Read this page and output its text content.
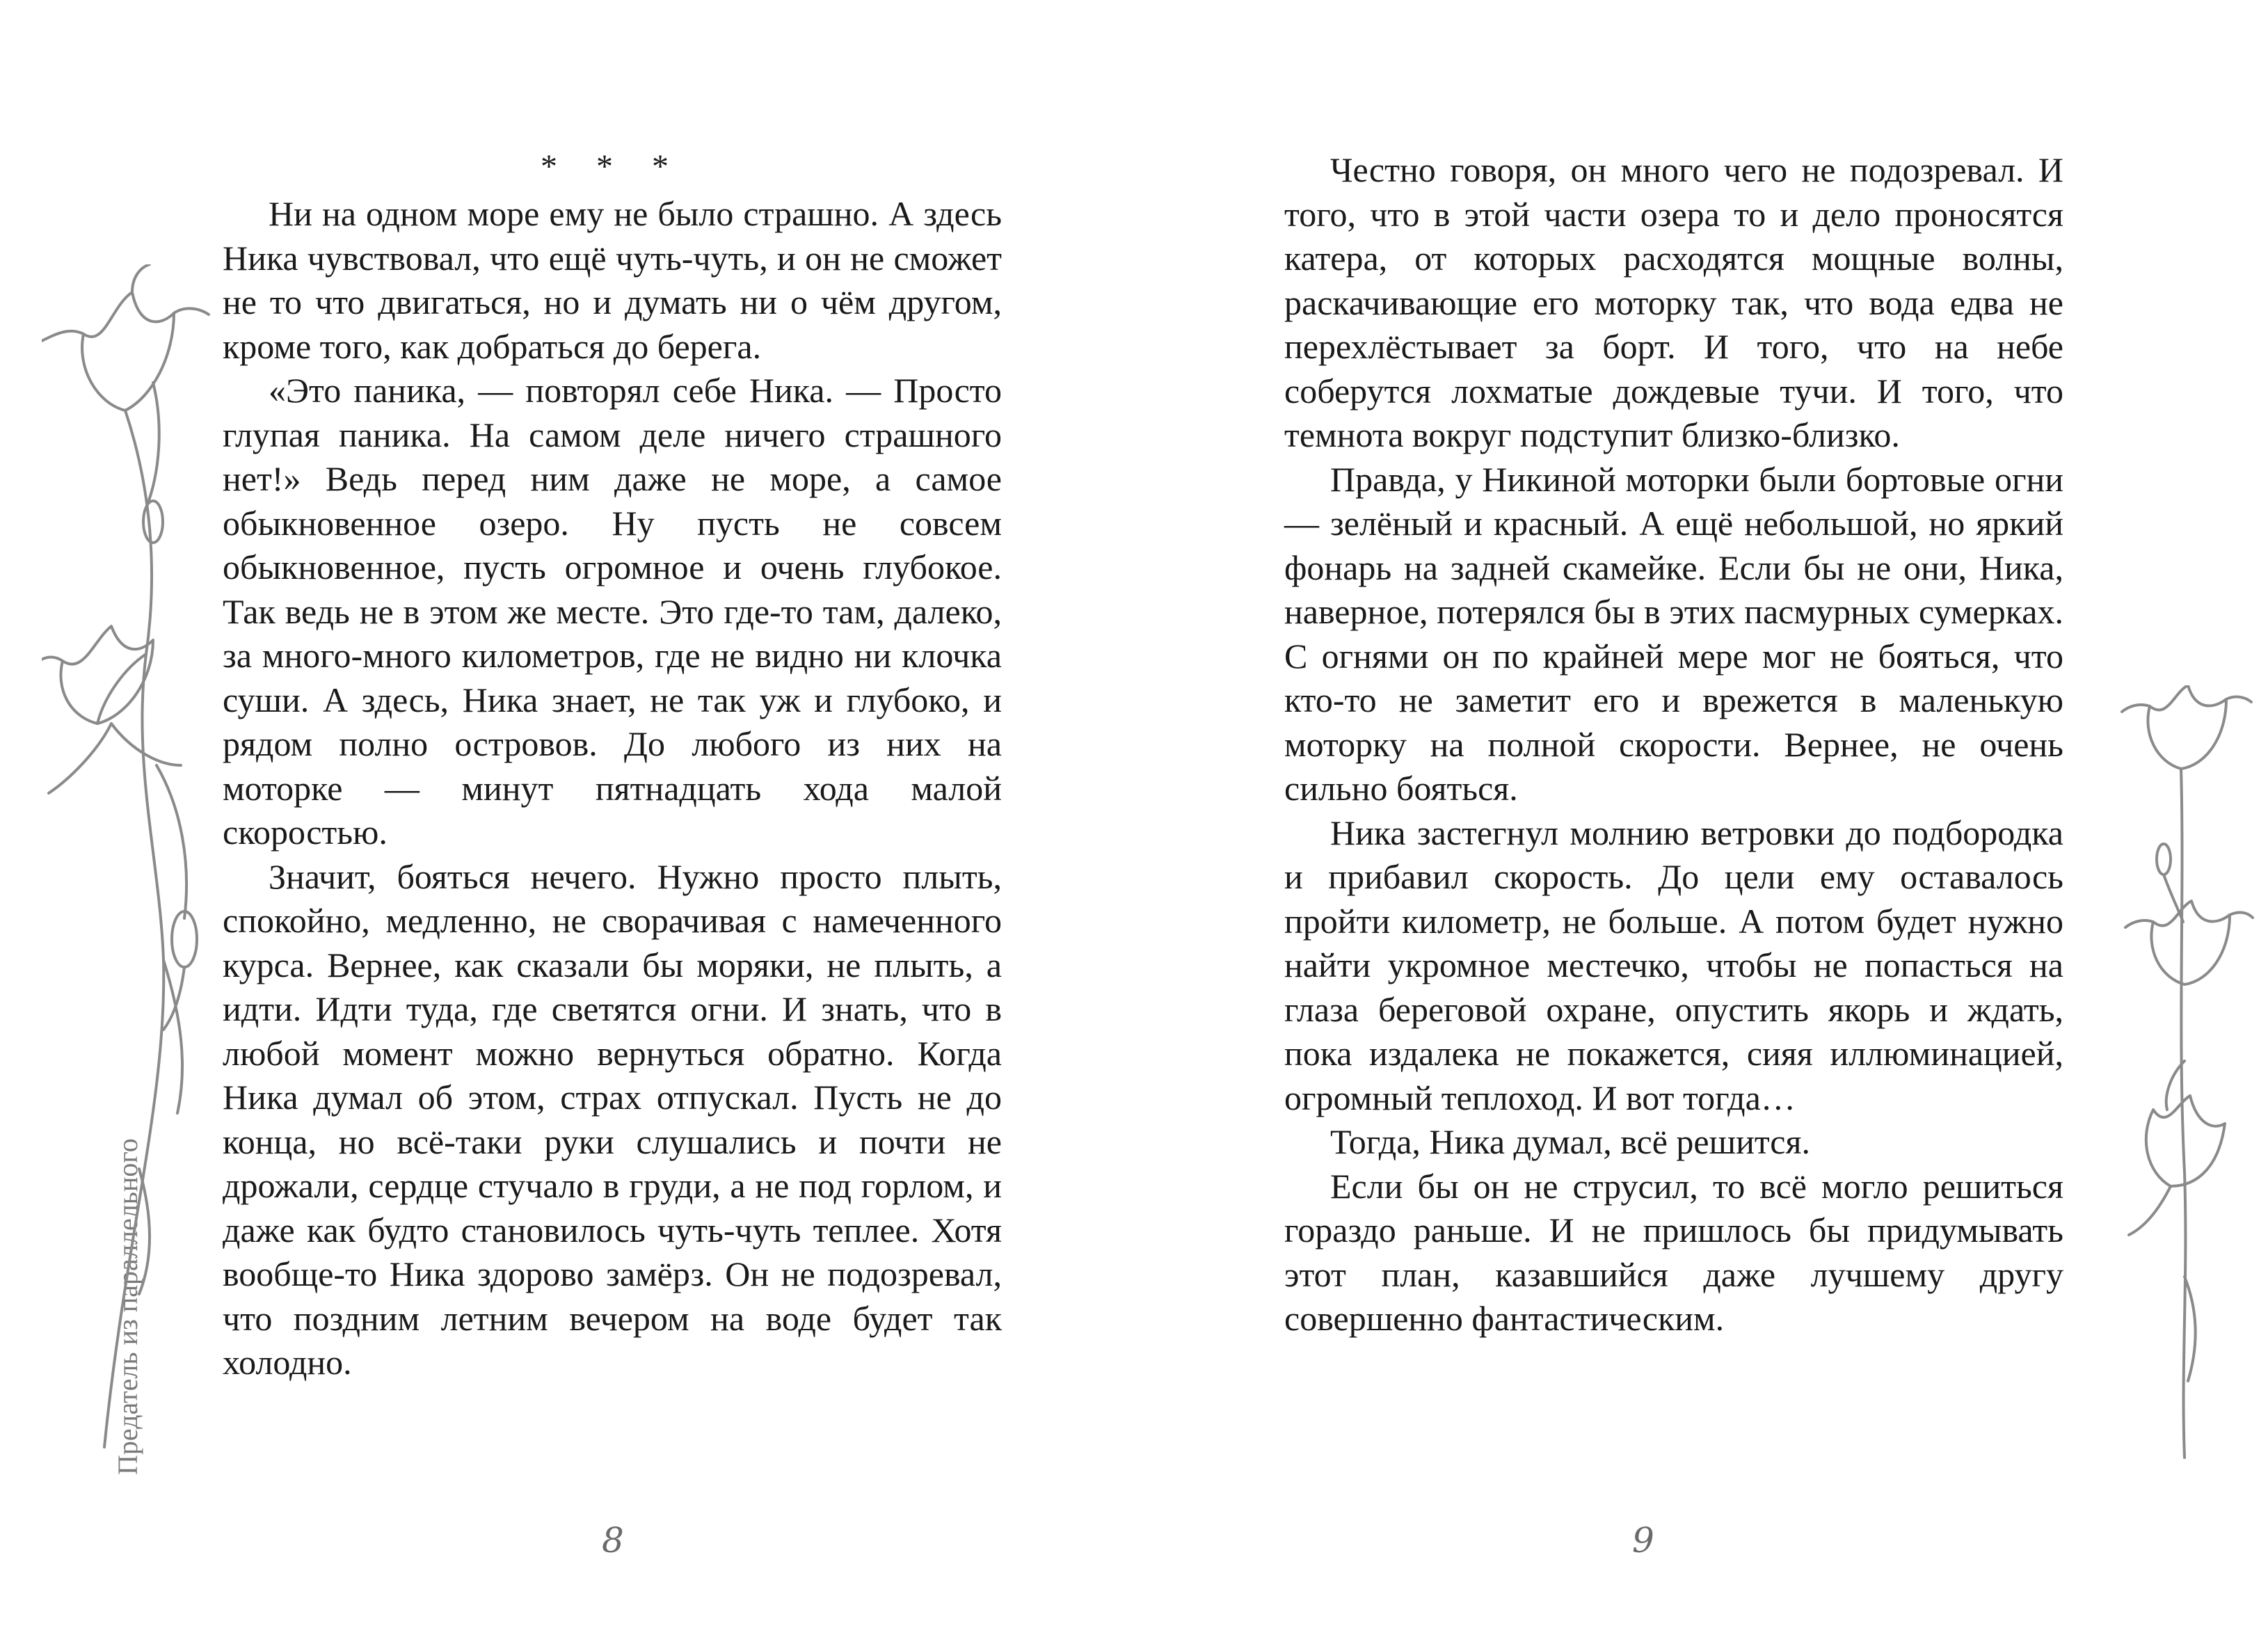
* * *

Ни на одном море ему не было страшно. А здесь Ника чувствовал, что ещё чуть-чуть, и он не сможет не то что двигаться, но и думать ни о чём другом, кроме того, как добраться до берега.

«Это паника, — повторял себе Ника. — Просто глупая паника. На самом деле ничего страшного нет!» Ведь перед ним даже не море, а самое обыкновенное озеро. Ну пусть не совсем обыкновенное, пусть огромное и очень глубокое. Так ведь не в этом же месте. Это где-то там, далеко, за много-много километров, где не видно ни клочка суши. А здесь, Ника знает, не так уж и глубоко, и рядом полно островов. До любого из них на моторке — минут пятнадцать хода малой скоростью.

Значит, бояться нечего. Нужно просто плыть, спокойно, медленно, не сворачивая с намеченного курса. Вернее, как сказали бы моряки, не плыть, а идти. Идти туда, где светятся огни. И знать, что в любой момент можно вернуться обратно. Когда Ника думал об этом, страх отпускал. Пусть не до конца, но всё-таки руки слушались и почти не дрожали, сердце стучало в груди, а не под горлом, и даже как будто становилось чуть-чуть теплее. Хотя вообще-то Ника здорово замёрз. Он не подозревал, что поздним летним вечером на воде будет так холодно.

Предатель из параллельного
8

Честно говоря, он много чего не подозревал. И того, что в этой части озера то и дело проносятся катера, от которых расходятся мощные волны, раскачивающие его моторку так, что вода едва не перехлёстывает за борт. И того, что на небе соберутся лохматые дождевые тучи. И того, что темнота вокруг подступит близко-близко.

Правда, у Никиной моторки были бортовые огни — зелёный и красный. А ещё небольшой, но яркий фонарь на задней скамейке. Если бы не они, Ника, наверное, потерялся бы в этих пасмурных сумерках. С огнями он по крайней мере мог не бояться, что кто-то не заметит его и врежется в маленькую моторку на полной скорости. Вернее, не очень сильно бояться.

Ника застегнул молнию ветровки до подбородка и прибавил скорость. До цели ему оставалось пройти километр, не больше. А потом будет нужно найти укромное местечко, чтобы не попасться на глаза береговой охране, опустить якорь и ждать, пока издалека не покажется, сияя иллюминацией, огромный теплоход. И вот тогда…

Тогда, Ника думал, всё решится.

Если бы он не струсил, то всё могло решиться гораздо раньше. И не пришлось бы придумывать этот план, казавшийся даже лучшему другу совершенно фантастическим.

9
